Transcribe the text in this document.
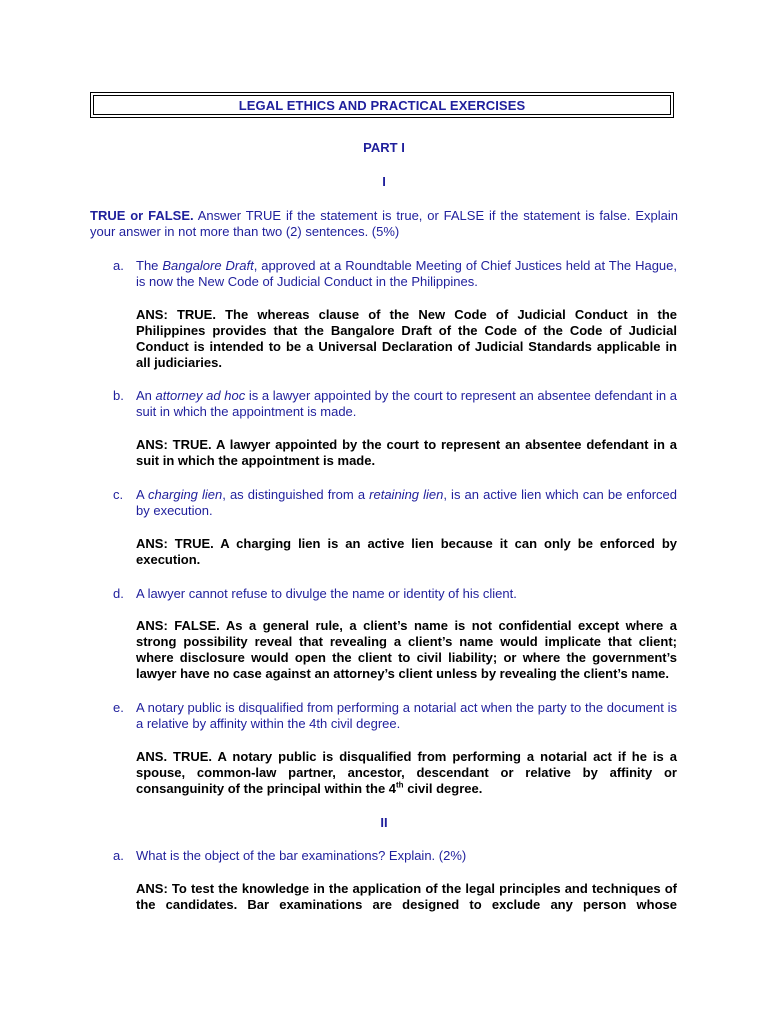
LEGAL ETHICS AND PRACTICAL EXERCISES
PART I
I
TRUE or FALSE. Answer TRUE if the statement is true, or FALSE if the statement is false. Explain your answer in not more than two (2) sentences. (5%)
a. The Bangalore Draft, approved at a Roundtable Meeting of Chief Justices held at The Hague, is now the New Code of Judicial Conduct in the Philippines.
ANS: TRUE. The whereas clause of the New Code of Judicial Conduct in the Philippines provides that the Bangalore Draft of the Code of the Code of Judicial Conduct is intended to be a Universal Declaration of Judicial Standards applicable in all judiciaries.
b. An attorney ad hoc is a lawyer appointed by the court to represent an absentee defendant in a suit in which the appointment is made.
ANS: TRUE. A lawyer appointed by the court to represent an absentee defendant in a suit in which the appointment is made.
c. A charging lien, as distinguished from a retaining lien, is an active lien which can be enforced by execution.
ANS: TRUE. A charging lien is an active lien because it can only be enforced by execution.
d. A lawyer cannot refuse to divulge the name or identity of his client.
ANS: FALSE. As a general rule, a client’s name is not confidential except where a strong possibility reveal that revealing a client’s name would implicate that client; where disclosure would open the client to civil liability; or where the government’s lawyer have no case against an attorney’s client unless by revealing the client’s name.
e. A notary public is disqualified from performing a notarial act when the party to the document is a relative by affinity within the 4th civil degree.
ANS. TRUE. A notary public is disqualified from performing a notarial act if he is a spouse, common-law partner, ancestor, descendant or relative by affinity or consanguinity of the principal within the 4th civil degree.
II
a. What is the object of the bar examinations? Explain. (2%)
ANS: To test the knowledge in the application of the legal principles and techniques of the candidates. Bar examinations are designed to exclude any person whose
